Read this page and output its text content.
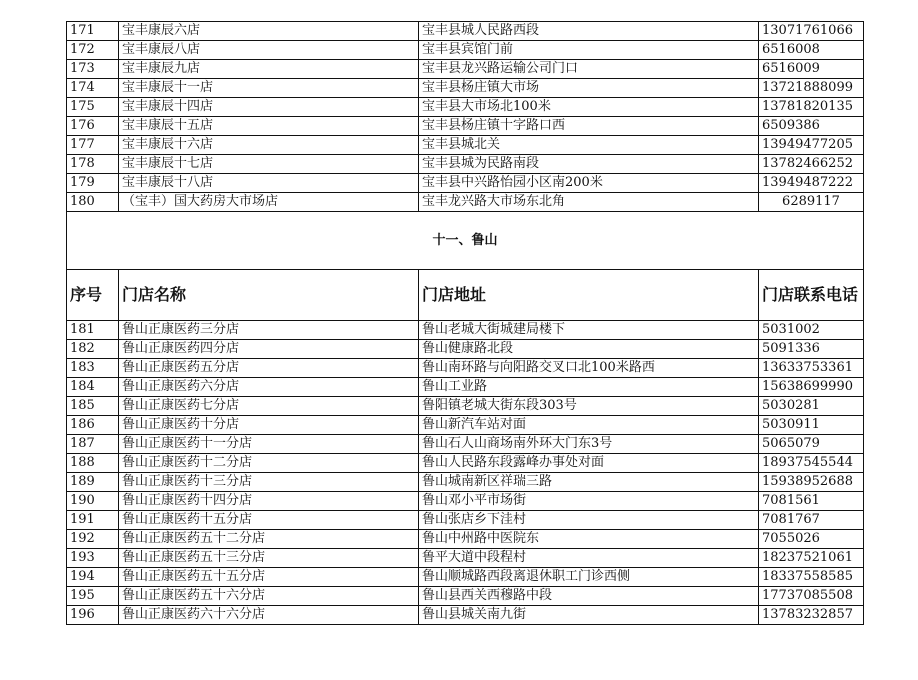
171	宝丰康辰六店	宝丰县城人民路西段	13071761066
172	宝丰康辰八店	宝丰县宾馆门前	6516008
173	宝丰康辰九店	宝丰县龙兴路运输公司门口	6516009
174	宝丰康辰十一店	宝丰县杨庄镇大市场	13721888099
175	宝丰康辰十四店	宝丰县大市场北100米	13781820135
176	宝丰康辰十五店	宝丰县杨庄镇十字路口西	6509386
177	宝丰康辰十六店	宝丰县城北关	13949477205
178	宝丰康辰十七店	宝丰县城为民路南段	13782466252
179	宝丰康辰十八店	宝丰县中兴路怡园小区南200米	13949487222
180	（宝丰）国大药房大市场店	宝丰龙兴路大市场东北角	6289117
十一、鲁山			
序号	门店名称	门店地址	门店联系电话
181	鲁山正康医药三分店	鲁山老城大街城建局楼下	5031002
182	鲁山正康医药四分店	鲁山健康路北段	5091336
183	鲁山正康医药五分店	鲁山南环路与向阳路交叉口北100米路西	13633753361
184	鲁山正康医药六分店	鲁山工业路	15638699990
185	鲁山正康医药七分店	鲁阳镇老城大街东段303号	5030281
186	鲁山正康医药十分店	鲁山新汽车站对面	5030911
187	鲁山正康医药十一分店	鲁山石人山商场南外环大门东3号	5065079
188	鲁山正康医药十二分店	鲁山人民路东段露峰办事处对面	18937545544
189	鲁山正康医药十三分店	鲁山城南新区祥瑞三路	15938952688
190	鲁山正康医药十四分店	鲁山邓小平市场街	7081561
191	鲁山正康医药十五分店	鲁山张店乡下洼村	7081767
192	鲁山正康医药五十二分店	鲁山中州路中医院东	7055026
193	鲁山正康医药五十三分店	鲁平大道中段程村	18237521061
194	鲁山正康医药五十五分店	鲁山顺城路西段离退休职工门诊西侧	18337558585
195	鲁山正康医药五十六分店	鲁山县西关西穆路中段	17737085508
196	鲁山正康医药六十六分店	鲁山县城关南九街	13783232857
